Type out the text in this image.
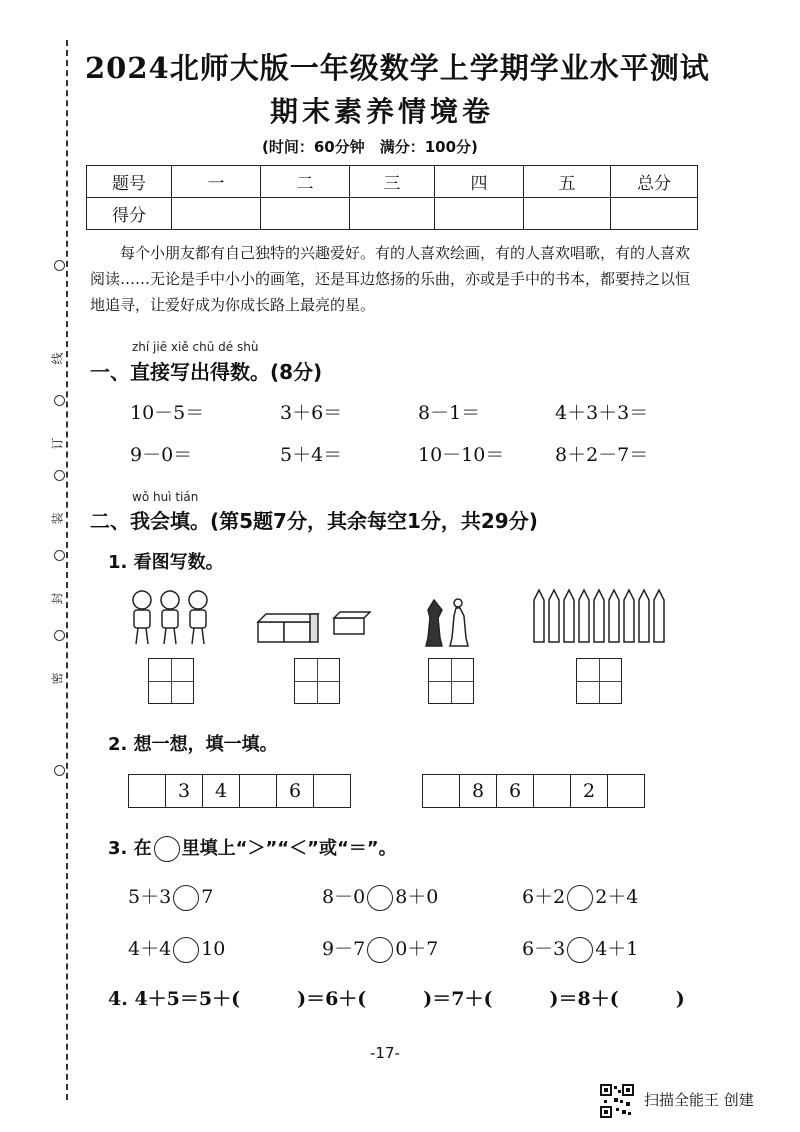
线
订
装
封
密
2024北师大版一年级数学上学期学业水平测试
期末素养情境卷
(时间：60分钟　满分：100分)
题号	一	二	三	四	五	总分
得分						
每个小朋友都有自己独特的兴趣爱好。有的人喜欢绘画，有的人喜欢唱歌，有的人喜欢阅读……无论是手中小小的画笔，还是耳边悠扬的乐曲，亦或是手中的书本，都要持之以恒地追寻，让爱好成为你成长路上最亮的星。
zhí jiē xiě chū dé shù
一、直接写出得数。(8分)
10－5＝	3＋6＝	8－1＝	4＋3＋3＝
9－0＝	5＋4＝	10－10＝	8＋2－7＝
wǒ huì tián
二、我会填。(第5题7分，其余每空1分，共29分)
1. 看图写数。
2. 想一想，填一填。
	3	4		6	
		8	6		2	
3. 在 里填上“＞”“＜”或“＝”。
5＋3 7	8－0 8＋0	6＋2 2＋4
4＋4 10	9－7 0＋7	6－3 4＋1
4. 4＋5＝5＋(　　　)＝6＋(　　　)＝7＋(　　　)＝8＋(　　　)
-17-
扫描全能王 创建
